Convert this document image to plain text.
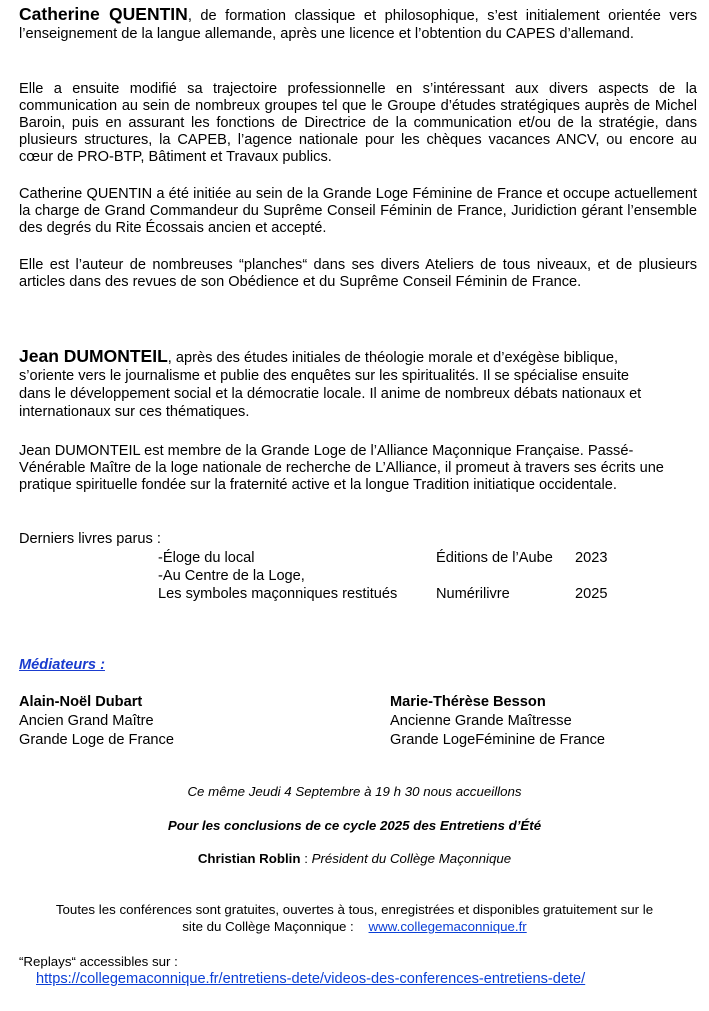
Catherine QUENTIN, de formation classique et philosophique, s’est initialement orientée vers l’enseignement de la langue allemande, après une licence et l’obtention du CAPES d’allemand.

Elle a ensuite modifié sa trajectoire professionnelle en s’intéressant aux divers aspects de la communication au sein de nombreux groupes tel que le Groupe d’études stratégiques auprès de Michel Baroin, puis en assurant les fonctions de Directrice de la communication et/ou de la stratégie, dans plusieurs structures, la CAPEB, l’agence nationale pour les chèques vacances ANCV, ou encore au cœur de PRO-BTP, Bâtiment et Travaux publics.

Catherine QUENTIN a été initiée au sein de la Grande Loge Féminine de France et occupe actuellement la charge de Grand Commandeur du Suprême Conseil Féminin de France, Juridiction gérant l’ensemble des degrés du Rite Écossais ancien et accepté.

Elle est l’auteur de nombreuses “planches“ dans ses divers Ateliers de tous niveaux, et de plusieurs articles dans des revues de son Obédience et du Suprême Conseil Féminin de France.

Jean DUMONTEIL, après des études initiales de théologie morale et d’exégèse biblique, s’oriente vers le journalisme et publie des enquêtes sur les spiritualités. Il se spécialise ensuite dans le développement social et la démocratie locale. Il anime de nombreux débats nationaux et internationaux sur ces thématiques.

Jean DUMONTEIL est membre de la Grande Loge de l’Alliance Maçonnique Française. Passé-Vénérable Maître de la loge nationale de recherche de L’Alliance, il promeut à travers ses écrits une pratique spirituelle fondée sur la fraternité active et la longue Tradition initiatique occidentale.

Derniers livres parus :

-Éloge du local	Éditions de l’Aube	2023
-Au Centre de la Loge,		
Les symboles maçonniques restitués	Numérilivre	2025

Médiateurs :

Alain-Noël Dubart
Ancien Grand Maître
Grande Loge de France
Marie-Thérèse Besson
Ancienne Grande Maîtresse
Grande LogeFéminine de France

Ce même Jeudi 4 Septembre à 19 h 30 nous accueillons

Pour les conclusions de ce cycle 2025 des Entretiens d’Été

Christian Roblin : Président du Collège Maçonnique

Toutes les conférences sont gratuites, ouvertes à tous, enregistrées et disponibles gratuitement sur le

site du Collège Maçonnique : www.collegemaconnique.fr

“Replays“ accessibles sur :

https://collegemaconnique.fr/entretiens-dete/videos-des-conferences-entretiens-dete/
